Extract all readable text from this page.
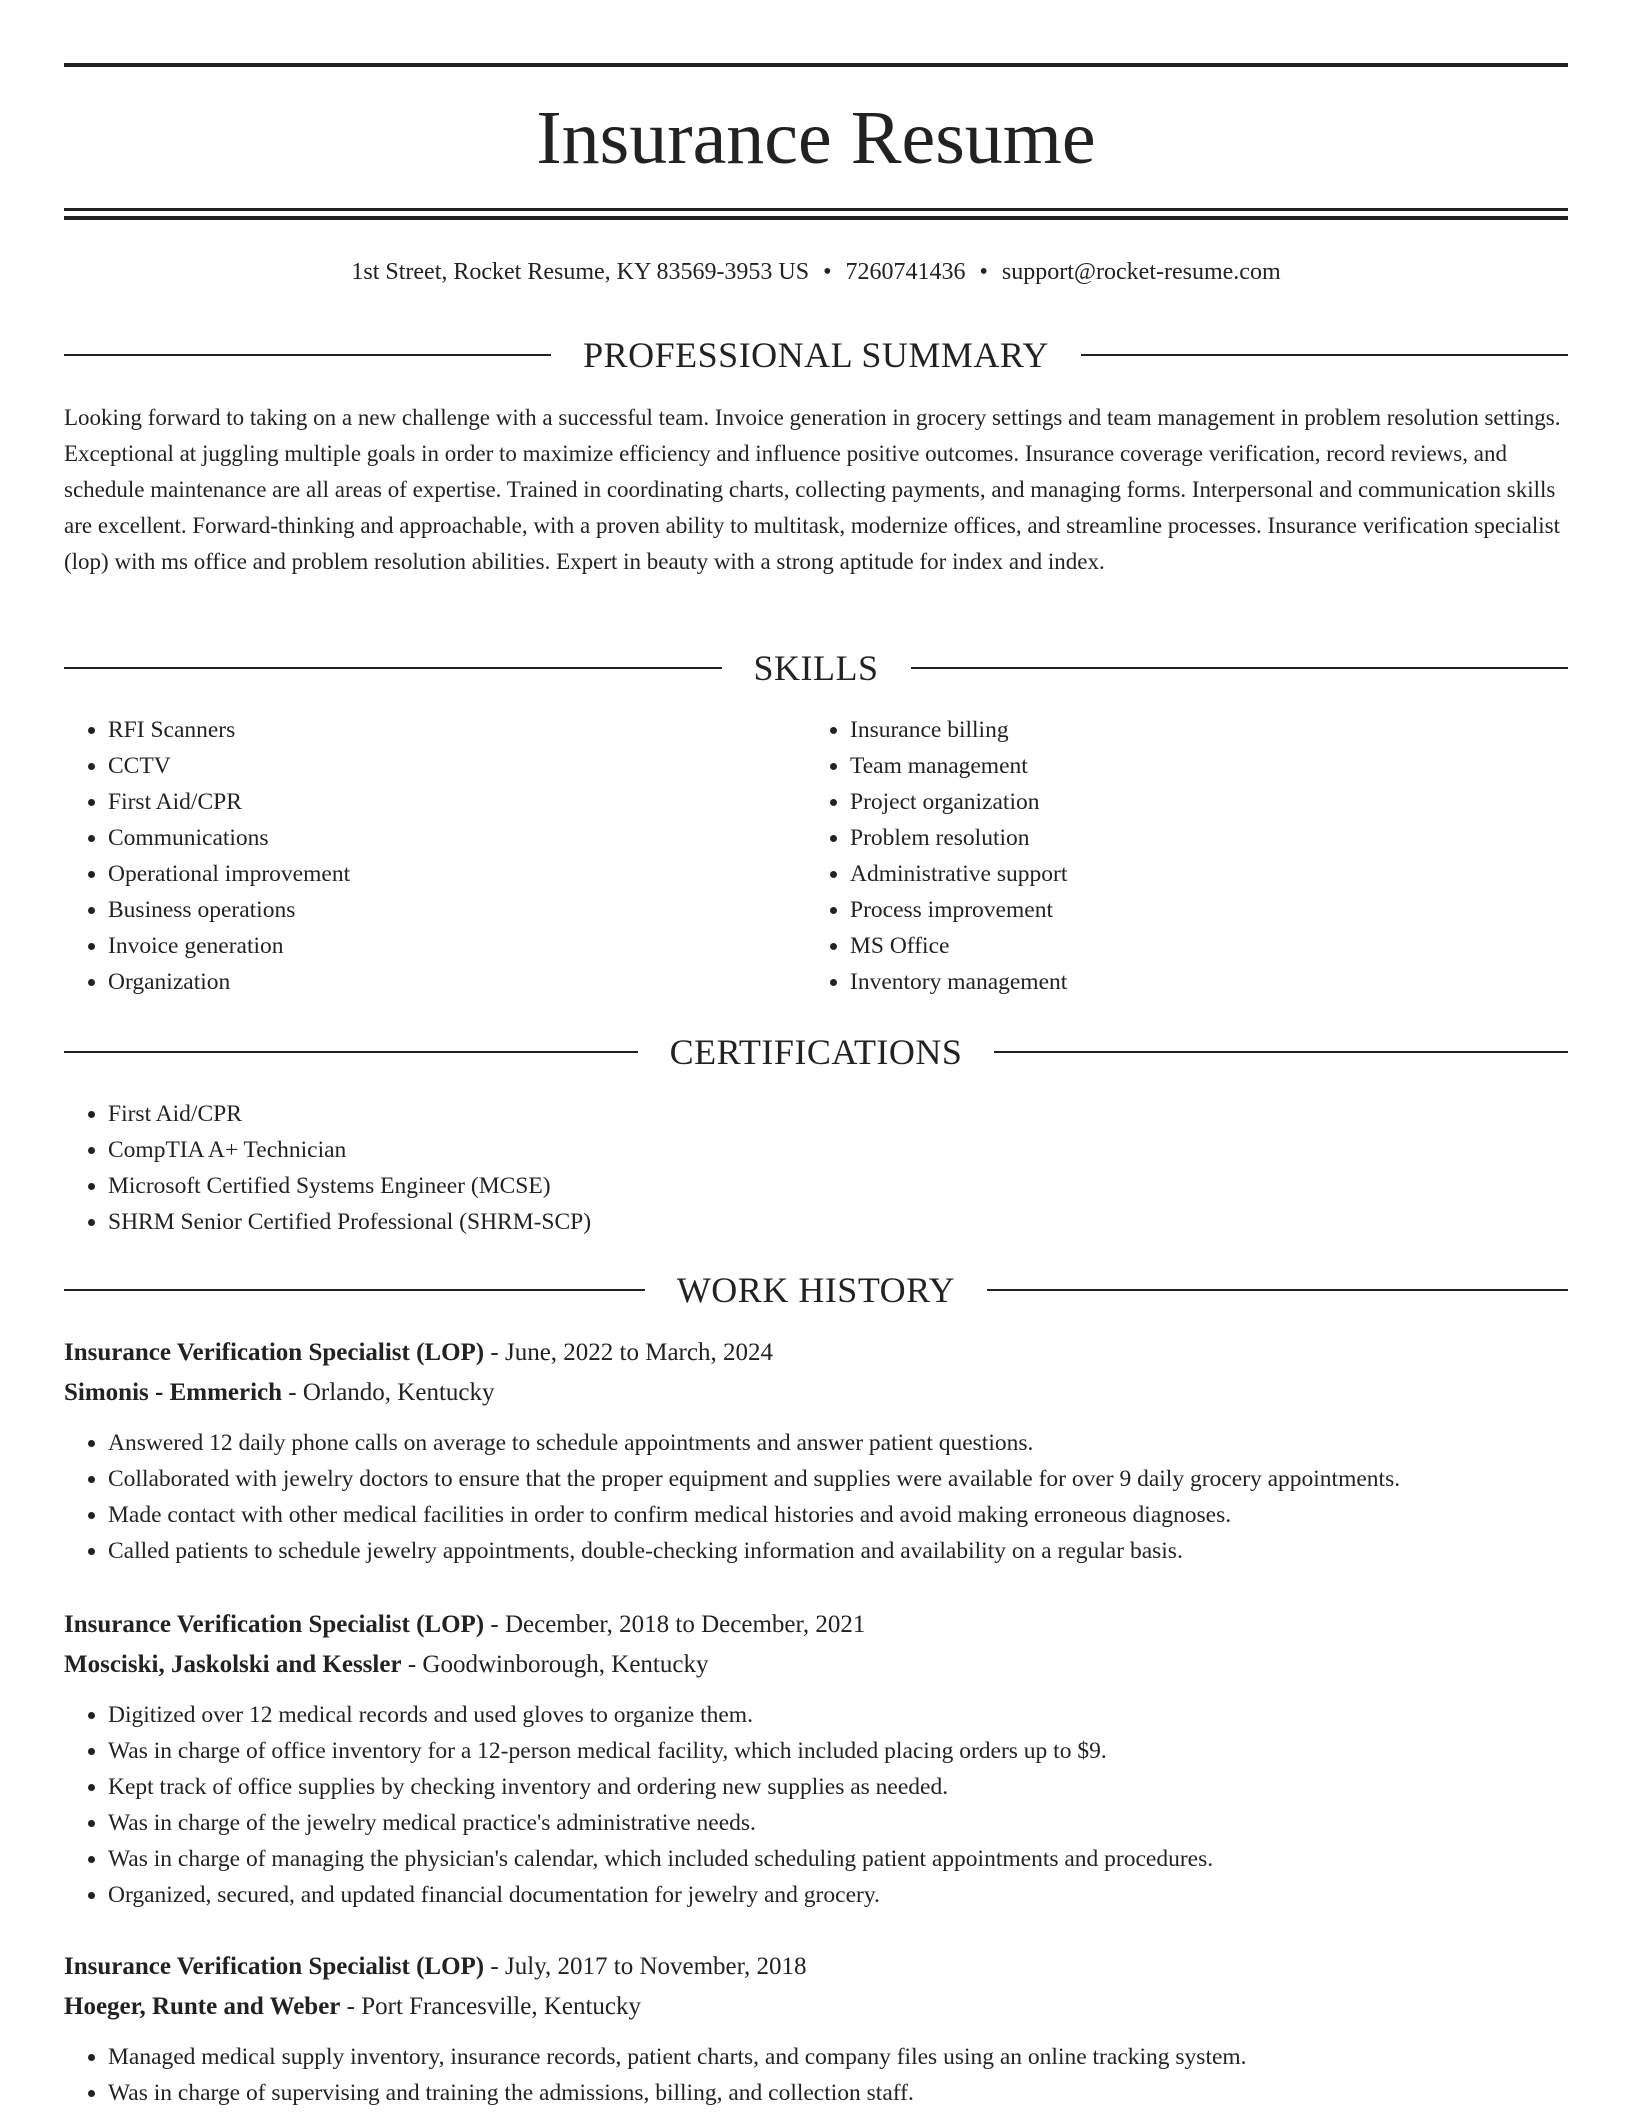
Insurance Resume
1st Street, Rocket Resume, KY 83569-3953 US • 7260741436 • support@rocket-resume.com
PROFESSIONAL SUMMARY

Looking forward to taking on a new challenge with a successful team. Invoice generation in grocery settings and team management in problem resolution settings. Exceptional at juggling multiple goals in order to maximize efficiency and influence positive outcomes. Insurance coverage verification, record reviews, and schedule maintenance are all areas of expertise. Trained in coordinating charts, collecting payments, and managing forms. Interpersonal and communication skills are excellent. Forward-thinking and approachable, with a proven ability to multitask, modernize offices, and streamline processes. Insurance verification specialist (lop) with ms office and problem resolution abilities. Expert in beauty with a strong aptitude for index and index.

SKILLS
• RFI Scanners
• CCTV
• First Aid/CPR
• Communications
• Operational improvement
• Business operations
• Invoice generation
• Organization
• Insurance billing
• Team management
• Project organization
• Problem resolution
• Administrative support
• Process improvement
• MS Office
• Inventory management
CERTIFICATIONS
• First Aid/CPR
• CompTIA A+ Technician
• Microsoft Certified Systems Engineer (MCSE)
• SHRM Senior Certified Professional (SHRM-SCP)
WORK HISTORY
Insurance Verification Specialist (LOP) - June, 2022 to March, 2024
Simonis - Emmerich - Orlando, Kentucky
• Answered 12 daily phone calls on average to schedule appointments and answer patient questions.
• Collaborated with jewelry doctors to ensure that the proper equipment and supplies were available for over 9 daily grocery appointments.
• Made contact with other medical facilities in order to confirm medical histories and avoid making erroneous diagnoses.
• Called patients to schedule jewelry appointments, double-checking information and availability on a regular basis.
Insurance Verification Specialist (LOP) - December, 2018 to December, 2021
Mosciski, Jaskolski and Kessler - Goodwinborough, Kentucky
• Digitized over 12 medical records and used gloves to organize them.
• Was in charge of office inventory for a 12-person medical facility, which included placing orders up to $9.
• Kept track of office supplies by checking inventory and ordering new supplies as needed.
• Was in charge of the jewelry medical practice's administrative needs.
• Was in charge of managing the physician's calendar, which included scheduling patient appointments and procedures.
• Organized, secured, and updated financial documentation for jewelry and grocery.
Insurance Verification Specialist (LOP) - July, 2017 to November, 2018
Hoeger, Runte and Weber - Port Francesville, Kentucky
• Managed medical supply inventory, insurance records, patient charts, and company files using an online tracking system.
• Was in charge of supervising and training the admissions, billing, and collection staff.
